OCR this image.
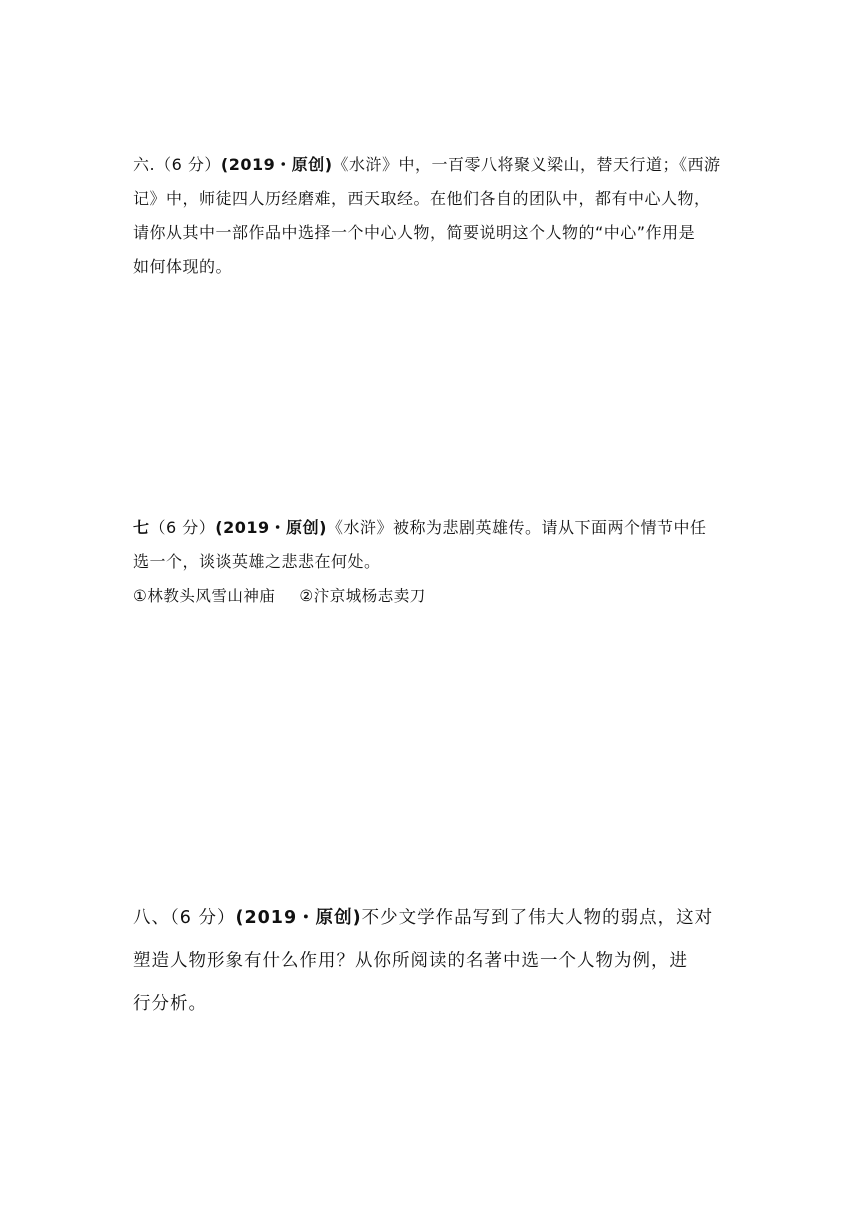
六.（6 分）(2019・原创)《水浒》中，一百零八将聚义梁山，替天行道；《西游
记》中，师徒四人历经磨难，西天取经。在他们各自的团队中，都有中心人物，
请你从其中一部作品中选择一个中心人物，简要说明这个人物的“中心”作用是
如何体现的。
七（6 分）(2019・原创)《水浒》被称为悲剧英雄传。请从下面两个情节中任
选一个，谈谈英雄之悲悲在何处。
①林教头风雪山神庙 ②汴京城杨志卖刀
八、（6 分）(2019・原创)不少文学作品写到了伟大人物的弱点，这对
塑造人物形象有什么作用？从你所阅读的名著中选一个人物为例，进
行分析。
